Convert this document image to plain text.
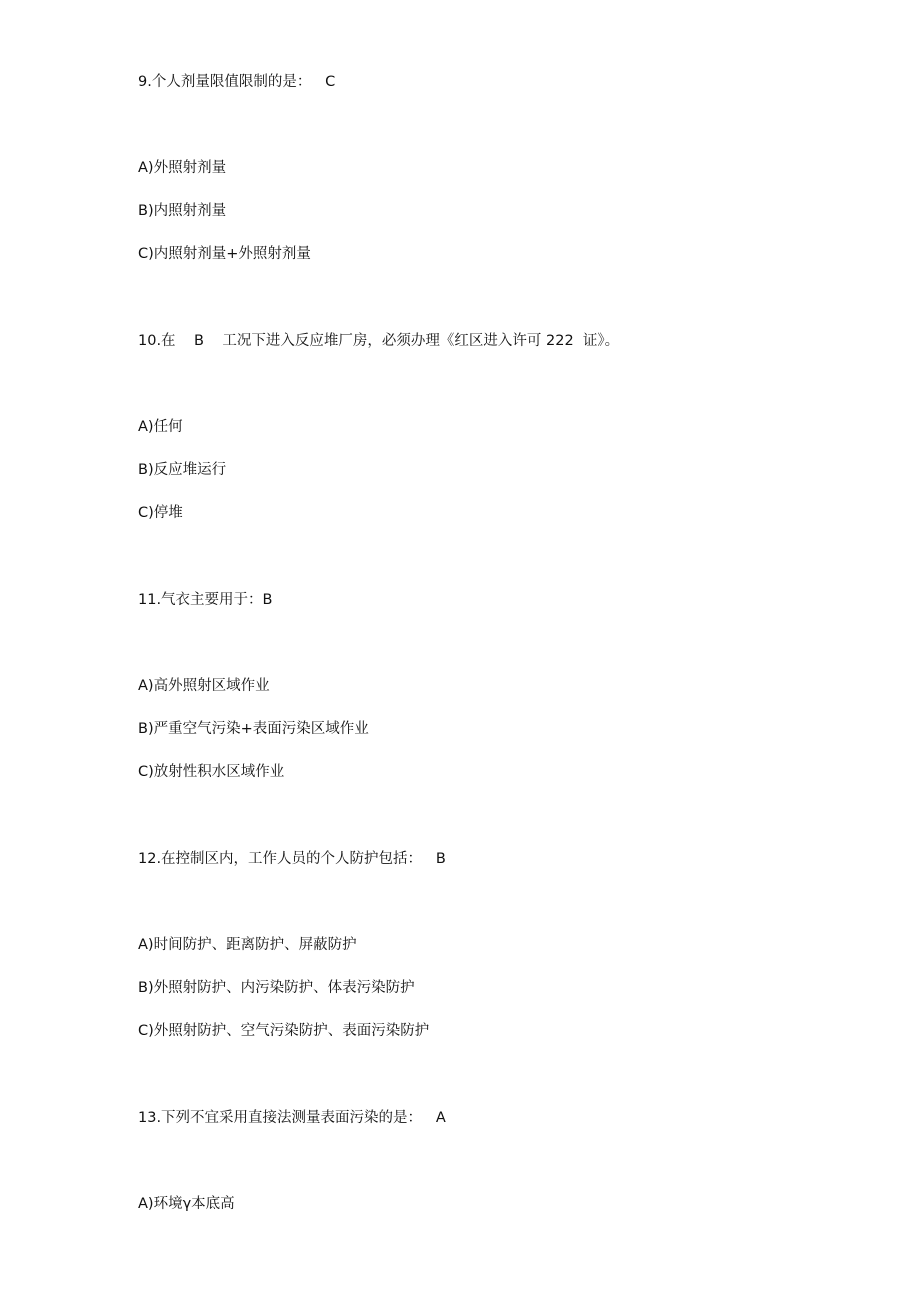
9.个人剂量限值限制的是：   C
A)外照射剂量
B)内照射剂量
C)内照射剂量+外照射剂量
10.在    B    工况下进入反应堆厂房，必须办理《红区进入许可 222  证》。
A)任何
B)反应堆运行
C)停堆
11.气衣主要用于：B
A)高外照射区域作业
B)严重空气污染+表面污染区域作业
C)放射性积水区域作业
12.在控制区内，工作人员的个人防护包括：   B
A)时间防护、距离防护、屏蔽防护
B)外照射防护、内污染防护、体表污染防护
C)外照射防护、空气污染防护、表面污染防护
13.下列不宜采用直接法测量表面污染的是：   A
A)环境γ本底高
